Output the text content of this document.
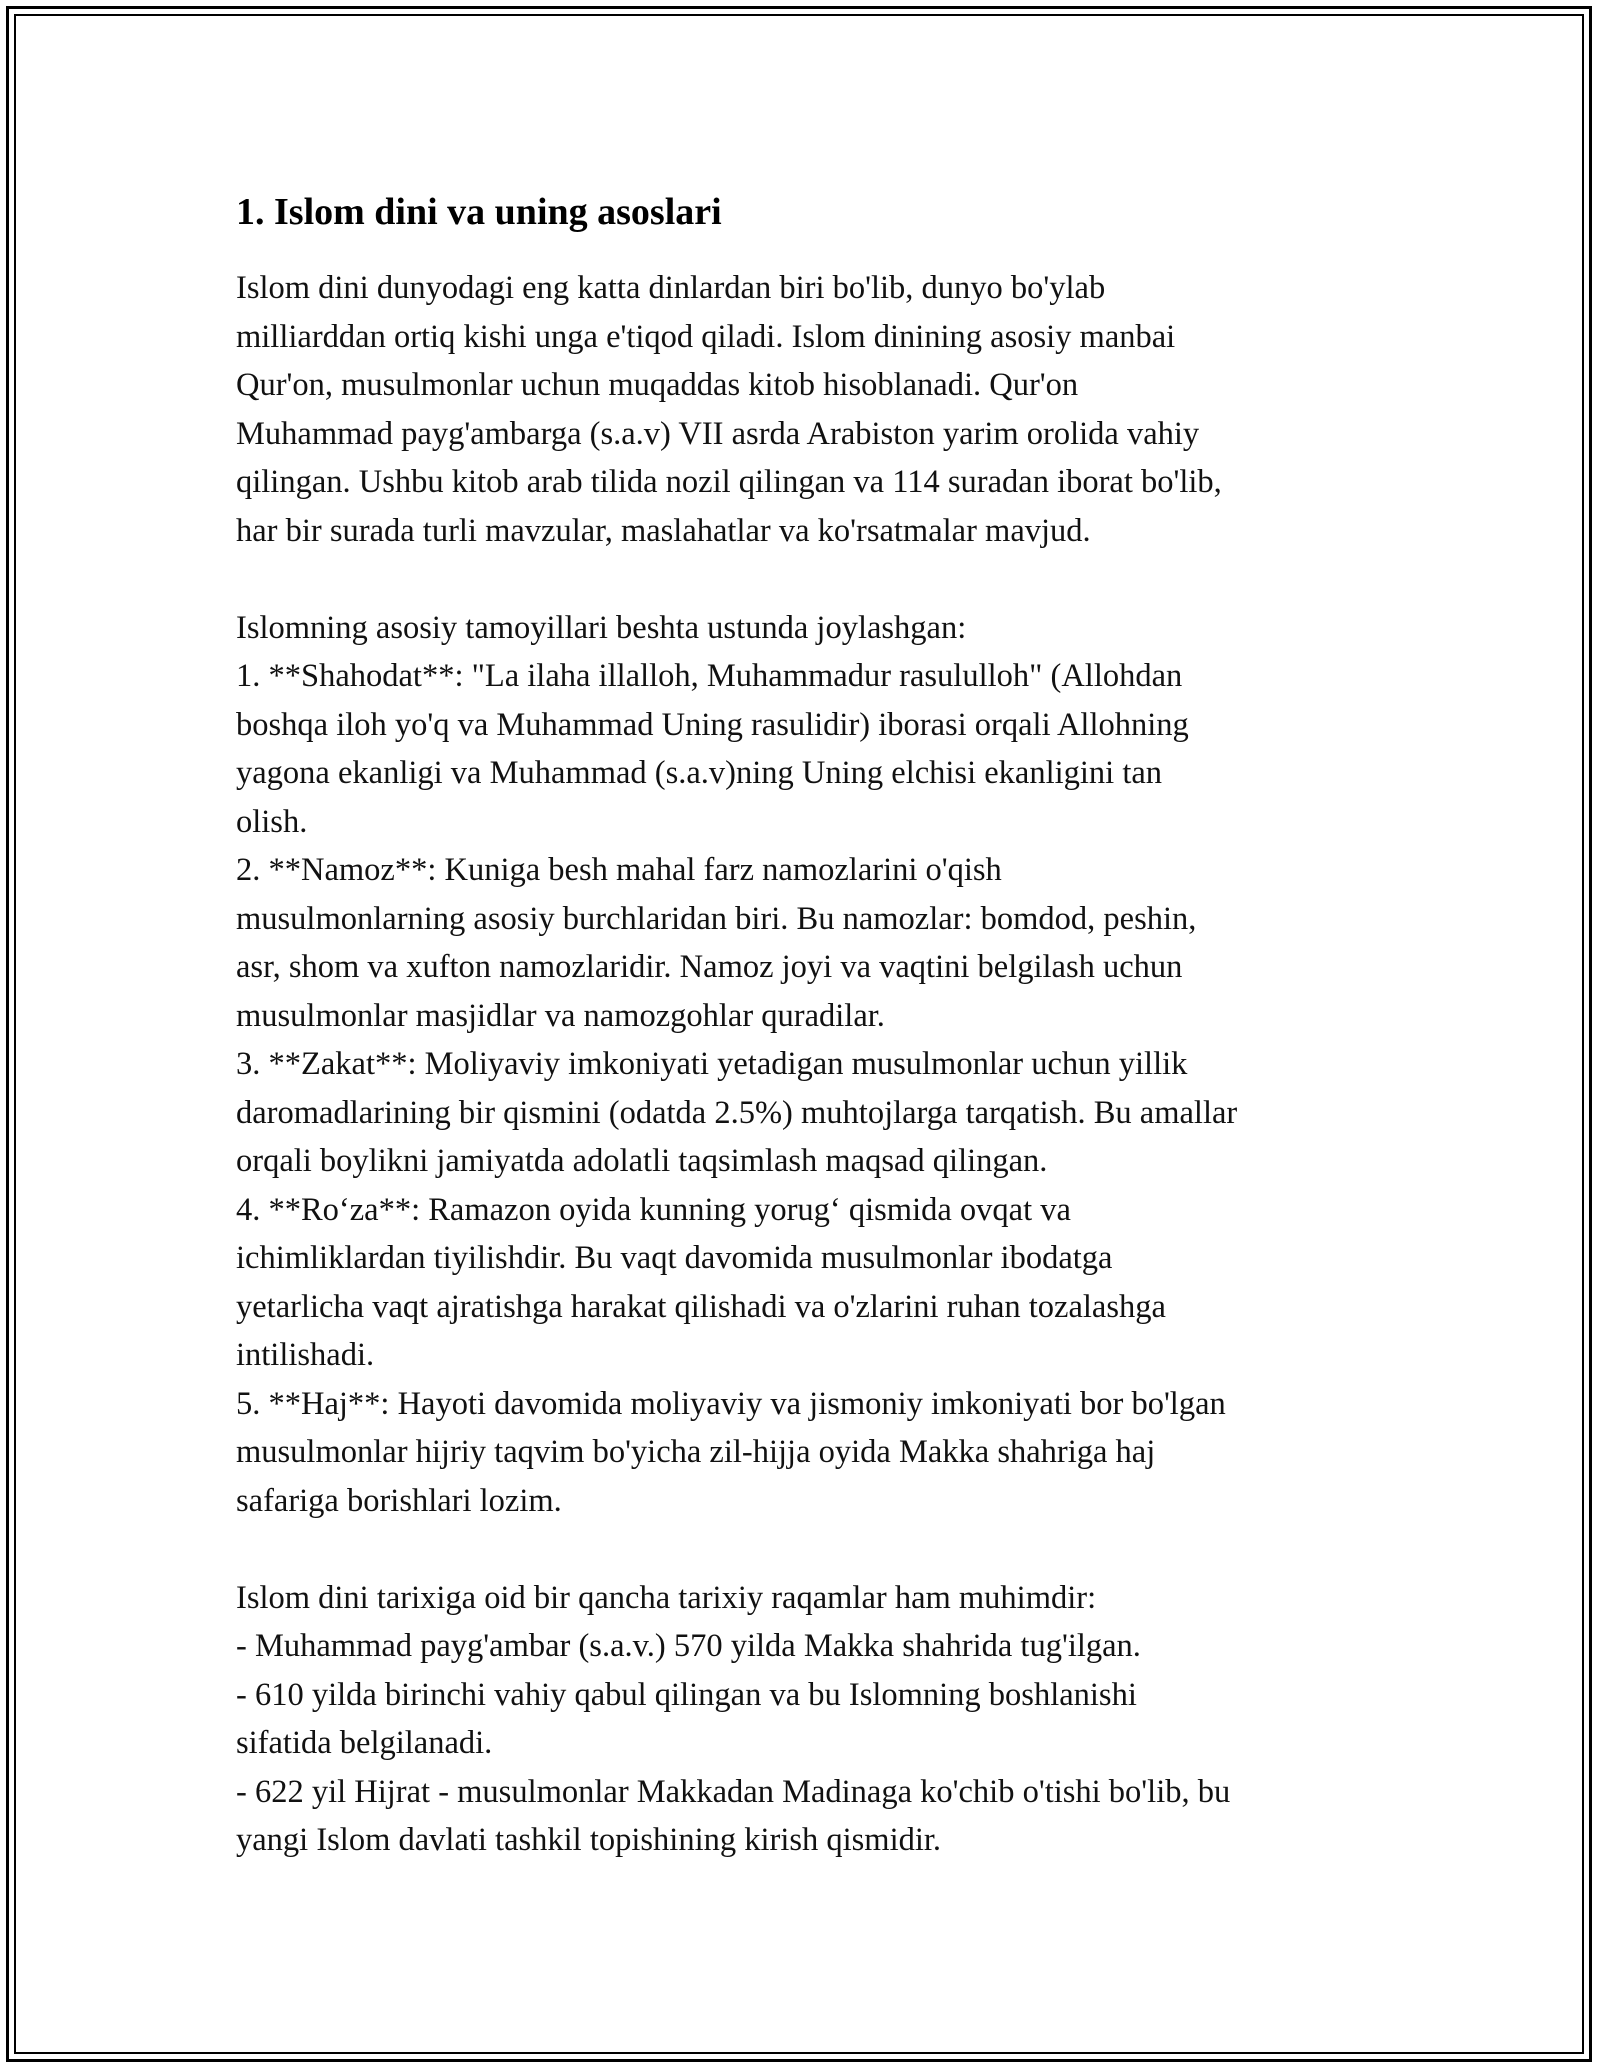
1. Islom dini va uning asoslari
Islom dini dunyodagi eng katta dinlardan biri bo'lib, dunyo bo'ylab
milliarddan ortiq kishi unga e'tiqod qiladi. Islom dinining asosiy manbai
Qur'on, musulmonlar uchun muqaddas kitob hisoblanadi. Qur'on
Muhammad payg'ambarga (s.a.v) VII asrda Arabiston yarim orolida vahiy
qilingan. Ushbu kitob arab tilida nozil qilingan va 114 suradan iborat bo'lib,
har bir surada turli mavzular, maslahatlar va ko'rsatmalar mavjud.
Islomning asosiy tamoyillari beshta ustunda joylashgan:
1. **Shahodat**: "La ilaha illalloh, Muhammadur rasululloh" (Allohdan
boshqa iloh yo'q va Muhammad Uning rasulidir) iborasi orqali Allohning
yagona ekanligi va Muhammad (s.a.v)ning Uning elchisi ekanligini tan
olish.
2. **Namoz**: Kuniga besh mahal farz namozlarini o'qish
musulmonlarning asosiy burchlaridan biri. Bu namozlar: bomdod, peshin,
asr, shom va xufton namozlaridir. Namoz joyi va vaqtini belgilash uchun
musulmonlar masjidlar va namozgohlar quradilar.
3. **Zakat**: Moliyaviy imkoniyati yetadigan musulmonlar uchun yillik
daromadlarining bir qismini (odatda 2.5%) muhtojlarga tarqatish. Bu amallar
orqali boylikni jamiyatda adolatli taqsimlash maqsad qilingan.
4. **Ro‘za**: Ramazon oyida kunning yorug‘ qismida ovqat va
ichimliklardan tiyilishdir. Bu vaqt davomida musulmonlar ibodatga
yetarlicha vaqt ajratishga harakat qilishadi va o'zlarini ruhan tozalashga
intilishadi.
5. **Haj**: Hayoti davomida moliyaviy va jismoniy imkoniyati bor bo'lgan
musulmonlar hijriy taqvim bo'yicha zil-hijja oyida Makka shahriga haj
safariga borishlari lozim.
Islom dini tarixiga oid bir qancha tarixiy raqamlar ham muhimdir:
- Muhammad payg'ambar (s.a.v.) 570 yilda Makka shahrida tug'ilgan.
- 610 yilda birinchi vahiy qabul qilingan va bu Islomning boshlanishi
sifatida belgilanadi.
- 622 yil Hijrat - musulmonlar Makkadan Madinaga ko'chib o'tishi bo'lib, bu
yangi Islom davlati tashkil topishining kirish qismidir.
